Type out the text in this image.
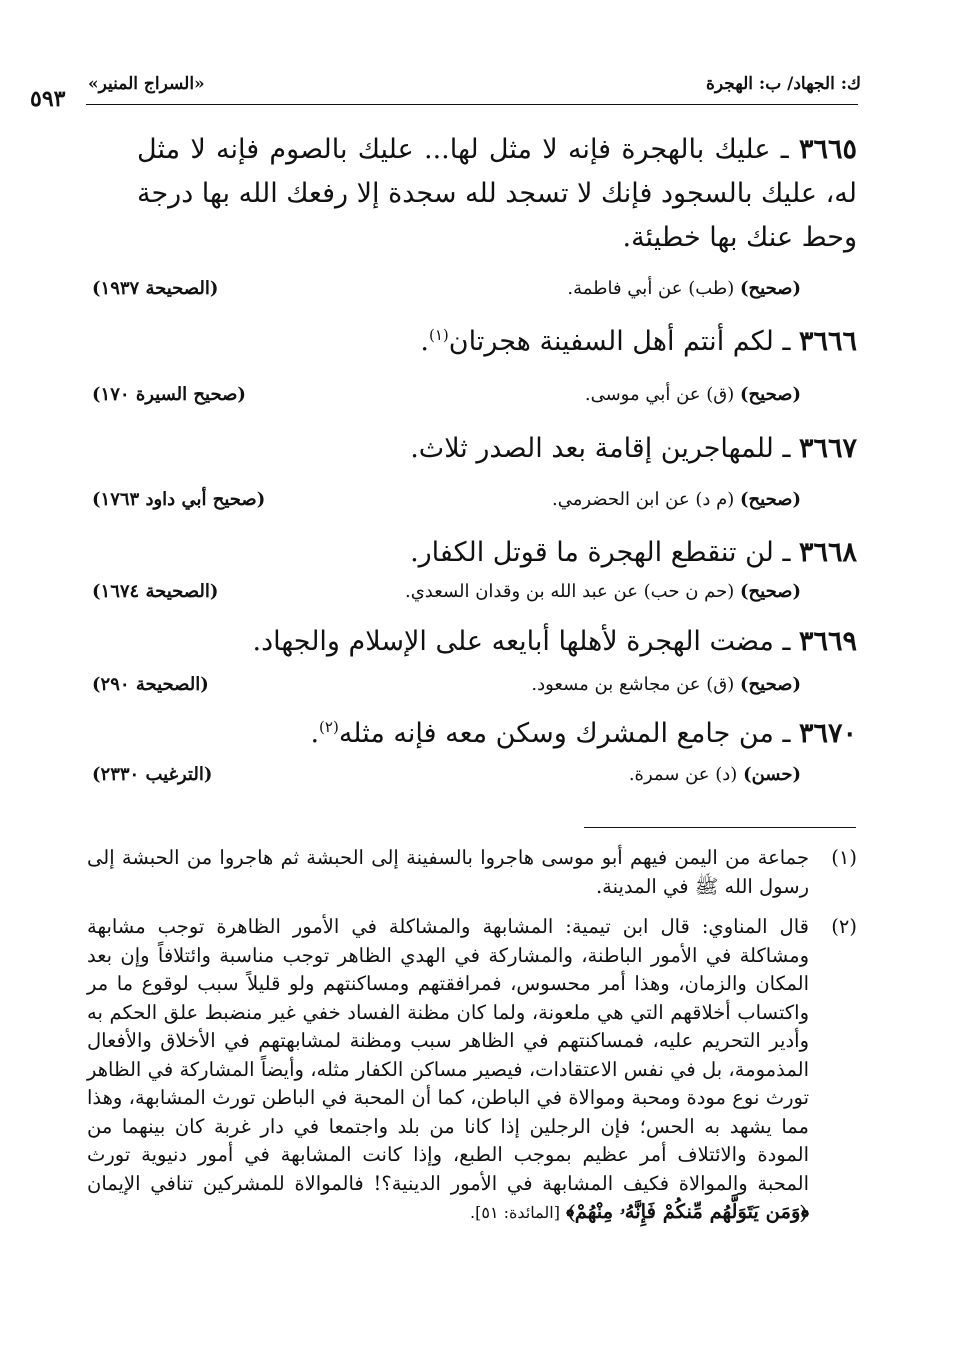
ك: الجهاد/ ب: الهجرة
«السراج المنير»
٥٩٣
٣٦٦٥ ـ عليك بالهجرة فإنه لا مثل لها... عليك بالصوم فإنه لا مثل له، عليك بالسجود فإنك لا تسجد لله سجدة إلا رفعك الله بها درجة وحط عنك بها خطيئة.
(صحيح) (طب) عن أبي فاطمة.
(الصحيحة ١٩٣٧)
٣٦٦٦ ـ لكم أنتم أهل السفينة هجرتان$^{(١)}$.
(صحيح) (ق) عن أبي موسى.
(صحيح السيرة ١٧٠)
٣٦٦٧ ـ للمهاجرين إقامة بعد الصدر ثلاث.
(صحيح) (م د) عن ابن الحضرمي.
(صحيح أبي داود ١٧٦٣)
٣٦٦٨ ـ لن تنقطع الهجرة ما قوتل الكفار.
(صحيح) (حم ن حب) عن عبد الله بن وقدان السعدي.
(الصحيحة ١٦٧٤)
٣٦٦٩ ـ مضت الهجرة لأهلها أبايعه على الإسلام والجهاد.
(صحيح) (ق) عن مجاشع بن مسعود.
(الصحيحة ٢٩٠)
٣٦٧٠ ـ من جامع المشرك وسكن معه فإنه مثله$^{(٢)}$.
(حسن) (د) عن سمرة.
(الترغيب ٢٣٣٠)
(١)
جماعة من اليمن فيهم أبو موسى هاجروا بالسفينة إلى الحبشة ثم هاجروا من الحبشة إلى رسول الله ﷺ في المدينة.
(٢)
قال المناوي: قال ابن تيمية: المشابهة والمشاكلة في الأمور الظاهرة توجب مشابهة ومشاكلة في الأمور الباطنة، والمشاركة في الهدي الظاهر توجب مناسبة وائتلافاً وإن بعد المكان والزمان، وهذا أمر محسوس، فمرافقتهم ومساكنتهم ولو قليلاً سبب لوقوع ما مر واكتساب أخلاقهم التي هي ملعونة، ولما كان مظنة الفساد خفي غير منضبط علق الحكم به وأدير التحريم عليه، فمساكنتهم في الظاهر سبب ومظنة لمشابهتهم في الأخلاق والأفعال المذمومة، بل في نفس الاعتقادات، فيصير مساكن الكفار مثله، وأيضاً المشاركة في الظاهر تورث نوع مودة ومحبة وموالاة في الباطن، كما أن المحبة في الباطن تورث المشابهة، وهذا مما يشهد به الحس؛ فإن الرجلين إذا كانا من بلد واجتمعا في دار غربة كان بينهما من المودة والائتلاف أمر عظيم بموجب الطبع، وإذا كانت المشابهة في أمور دنيوية تورث المحبة والموالاة فكيف المشابهة في الأمور الدينية؟! فالموالاة للمشركين تنافي الإيمان ﴿وَمَن يَتَوَلَّهُم مِّنكُمْ فَإِنَّهُۥ مِنْهُمْ﴾ [المائدة: ٥١].
